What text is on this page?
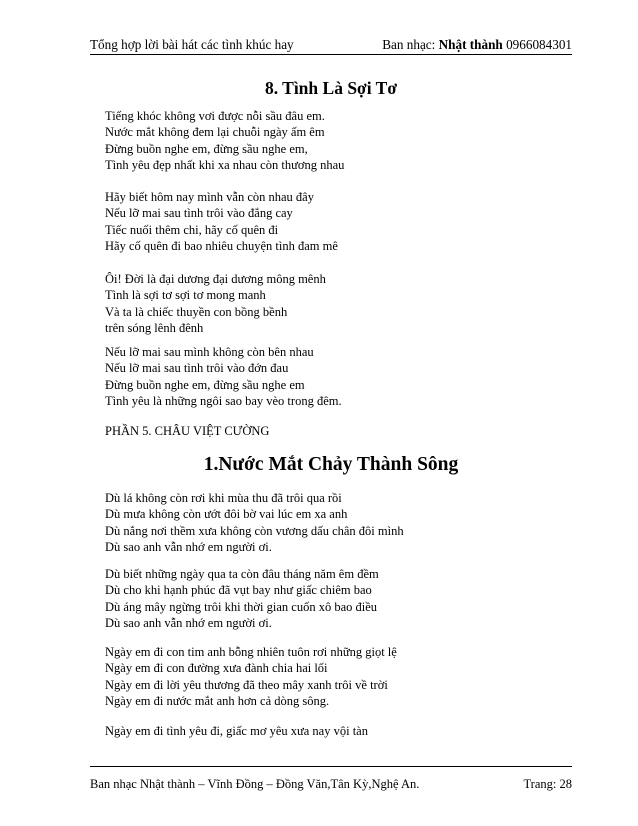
Tổng hợp lời bài hát các tình khúc hay	Ban nhạc: Nhật thành 0966084301
8. Tình Là Sợi Tơ
Tiếng khóc không vơi được nỗi sầu đâu em.
Nước mắt không đem lại chuỗi ngày ấm êm
Đừng buồn nghe em, đừng sầu nghe em,
Tình yêu đẹp nhất khi xa nhau còn thương nhau
Hãy biết hôm nay mình vẫn còn nhau đây
Nếu lỡ mai sau tình trôi vào đắng cay
Tiếc nuối thêm chi, hãy cố quên đi
Hãy cố quên đi bao nhiêu chuyện tình đam mê
Ôi! Đời là đại dương đại dương mông mênh
Tình là sợi tơ sợi tơ mong manh
Và ta là chiếc thuyền con bồng bềnh
trên sóng lênh đênh
Nếu lỡ mai sau mình không còn bên nhau
Nếu lỡ mai sau tình trôi vào đớn đau
Đừng buồn nghe em, đừng sầu nghe em
Tình yêu là những ngôi sao bay vèo trong đêm.
PHẦN 5. CHÂU VIỆT CƯỜNG
1.Nước Mắt Chảy Thành Sông
Dù lá không còn rơi khi mùa thu đã trôi qua rồi
Dù mưa không còn ướt đôi bờ vai lúc em xa anh
Dù nắng nơi thềm xưa không còn vương dấu chân đôi mình
Dù sao anh vẫn nhớ em người ơi.
Dù biết những ngày qua ta còn đâu tháng năm êm đềm
Dù cho khi hạnh phúc đã vụt bay như giấc chiêm bao
Dù áng mây ngừng trôi khi thời gian cuốn xô bao điều
Dù sao anh vẫn nhớ em người ơi.
Ngày em đi con tim anh bỗng nhiên tuôn rơi những giọt lệ
Ngày em đi con đường xưa đành chia hai lối
Ngày em đi lời yêu thương đã theo mây xanh trôi về trời
Ngày em đi nước mắt anh hơn cả dòng sông.
Ngày em đi tình yêu đi, giấc mơ yêu xưa nay vội tàn
Ban nhạc Nhật thành – Vĩnh Đồng – Đồng Văn,Tân Kỳ,Nghệ An.	Trang: 28
